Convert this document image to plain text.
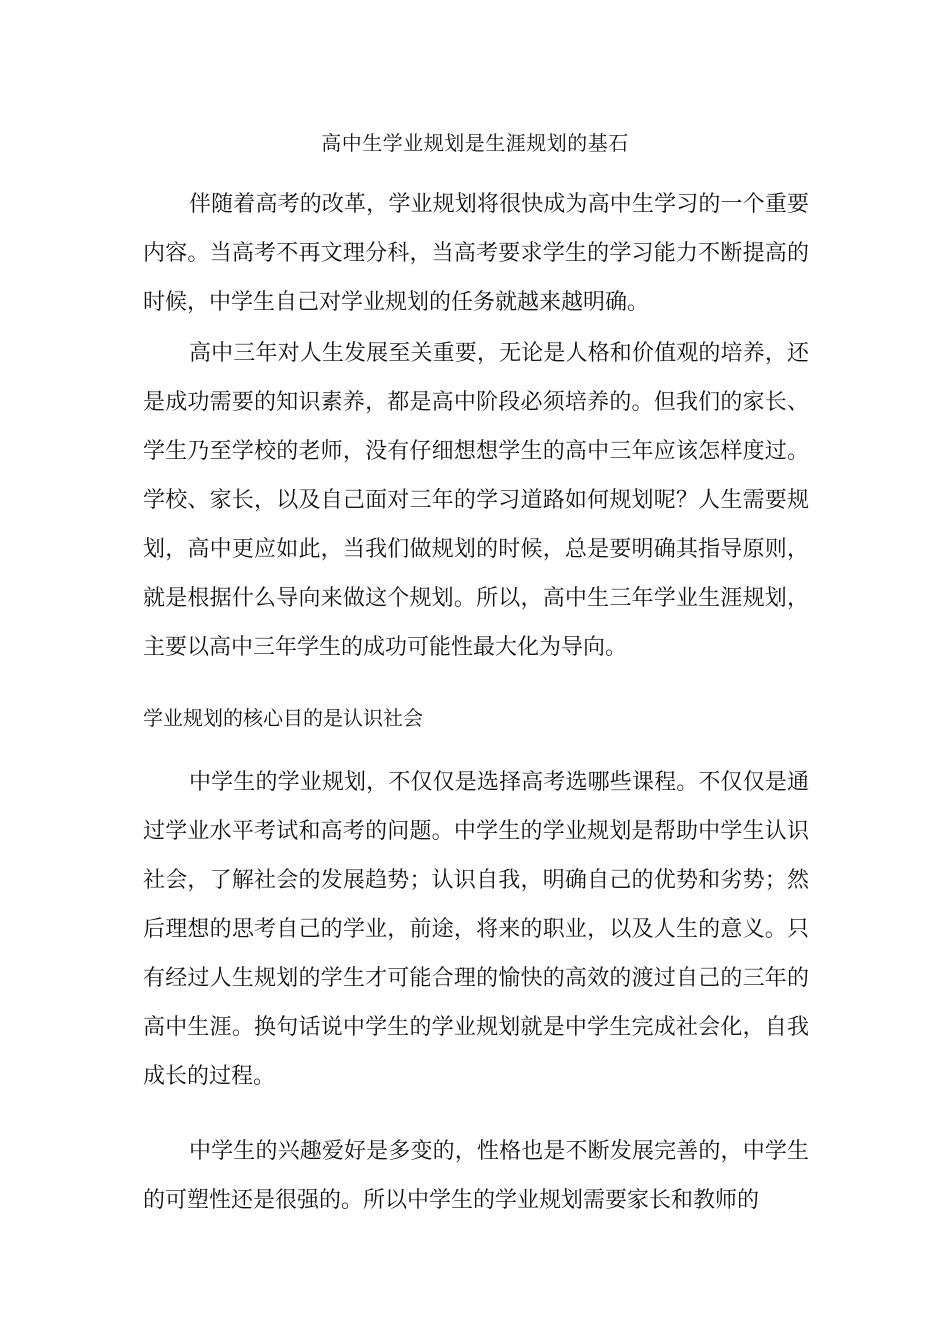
高中生学业规划是生涯规划的基石

伴随着高考的改革，学业规划将很快成为高中生学习的一个重要内容。当高考不再文理分科，当高考要求学生的学习能力不断提高的时候，中学生自己对学业规划的任务就越来越明确。

高中三年对人生发展至关重要，无论是人格和价值观的培养，还是成功需要的知识素养，都是高中阶段必须培养的。但我们的家长、学生乃至学校的老师，没有仔细想想学生的高中三年应该怎样度过。学校、家长，以及自己面对三年的学习道路如何规划呢？人生需要规划，高中更应如此，当我们做规划的时候，总是要明确其指导原则，就是根据什么导向来做这个规划。所以，高中生三年学业生涯规划，主要以高中三年学生的成功可能性最大化为导向。

学业规划的核心目的是认识社会

中学生的学业规划，不仅仅是选择高考选哪些课程。不仅仅是通过学业水平考试和高考的问题。中学生的学业规划是帮助中学生认识社会，了解社会的发展趋势；认识自我，明确自己的优势和劣势；然后理想的思考自己的学业，前途，将来的职业，以及人生的意义。只有经过人生规划的学生才可能合理的愉快的高效的渡过自己的三年的高中生涯。换句话说中学生的学业规划就是中学生完成社会化，自我成长的过程。

中学生的兴趣爱好是多变的，性格也是不断发展完善的，中学生的可塑性还是很强的。所以中学生的学业规划需要家长和教师的
